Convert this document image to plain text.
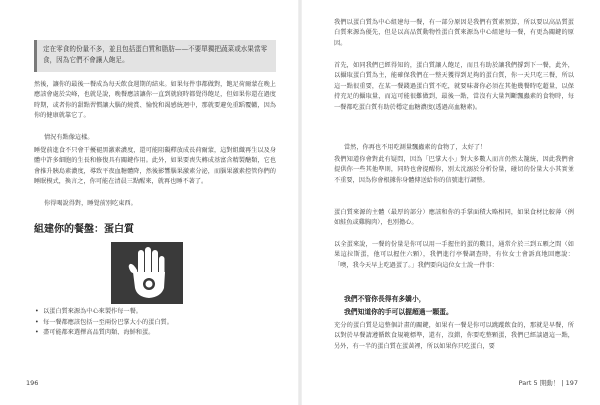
定在零食的份量不多，並且包括蛋白質和脂肪——不要單獨把蔬菜或水果當零食，因為它們不會讓人飽足。

然後，讓你的最後一餐成為每天飲食週期的結束。如果每件事都做對，飽足荷爾蒙在晚上應該會處於尖峰，也就是說，晚餐應該讓你一直到就寢時都覺得飽足，但如果你還在過度時期，或者你的甜點習慣讓大腦的燒賞、愉悅和渴感統迴中，那就要避免重蹈覆轍，因為你的健康就靠它了。

情況有點像這樣。

睡覺前進食不只會干擾褪黑激素濃度，還可能阻礙釋放成長荷爾蒙，這對組織再生以及身體中許多細胞的生長和修復具有關鍵作用。此外，如果要喪失轉成基富含精製醣類，它也會推升胰島素濃度，導致平夜血糖體降，然後影響腦果激素分泌，而腦果激素控管你們的睡眠模式，換言之，你可能在清晨三點醒來，就再也睡不著了。

你得喝說得對，睡覺前別吃東西。

組建你的餐盤：蛋白質
• 以蛋白質來源為中心來製作每一餐。
• 每一餐都應該包括一至兩份巴掌大小的蛋白質。
• 盡可能都來選擇高品質肉類、海鮮和蛋。
196

我們以蛋白質為中心組建每一餐，有一部分原因是我們有質素預算，所以要以高品質蛋白質來源為優先，但是以高品質動物性蛋白質來源為中心組建每一餐，有更為關鍵的原因。

首先，如同我們已經得知的，蛋白質讓人飽足，而且有助於讓我們撐到下一餐，此外，以攝取蛋白質為主，能確保我們在一整天獲得到足夠的蛋白質，你一天只吃三餐，所以這一點很重要，在某一餐錢過蛋白質不吃，就要味著你必須在其他幾餐時吃超量，以保持充足的攝取量，而這可能很難做到，最後一點，當沒有大量判斷飄蟲素的食物時，每一餐都吃蛋白質有助於穩定血糖濃度(透過高血糖素)。

當然，你再也不用吃測量飄蟲素的食物了，太好了！

我們知道你會對此有疑問，因為「巴掌大小」對大多數人而言仍然太籠統，因此我們會提供你一些其他準則，同時也會提醒你，別太沈溺於分析份量，碰切的份量大小其實並不重要，因為你會根據你身體傳送給你的信號進行調整。

蛋白質來源的主體（最厚的部分）應該和你的手掌面積大略相同，如果食材比較薄（例如鮭魚或雞胸肉），也別擔心。

以全蛋來說，一餐的份量是你可以用一手握住的蛋的數目，通常介於三到五顆之間（如果這拉斯蛋，他可以握住六顆），我們進行亭餐調查時，有位女士會訴真地回應說：「噢，我今天早上吃過蛋了。」我們要向這位女士說一件事：

我們不管你長得有多嬌小，
我們知道你的手可以握超過一顆蛋。

充分的蛋白質是這整個計畫的關鍵，如果有一餐是你可以跳蹤飲食的，那就是早餐，所以對於早餐請遵循飲食規範標準，還有，沒錯，你要吃整顆蛋，我們已經談過這一點，另外，有一半的蛋白質在蛋黃裡，所以如果你只吃蛋白，要

Part 5 開動！ | 197
